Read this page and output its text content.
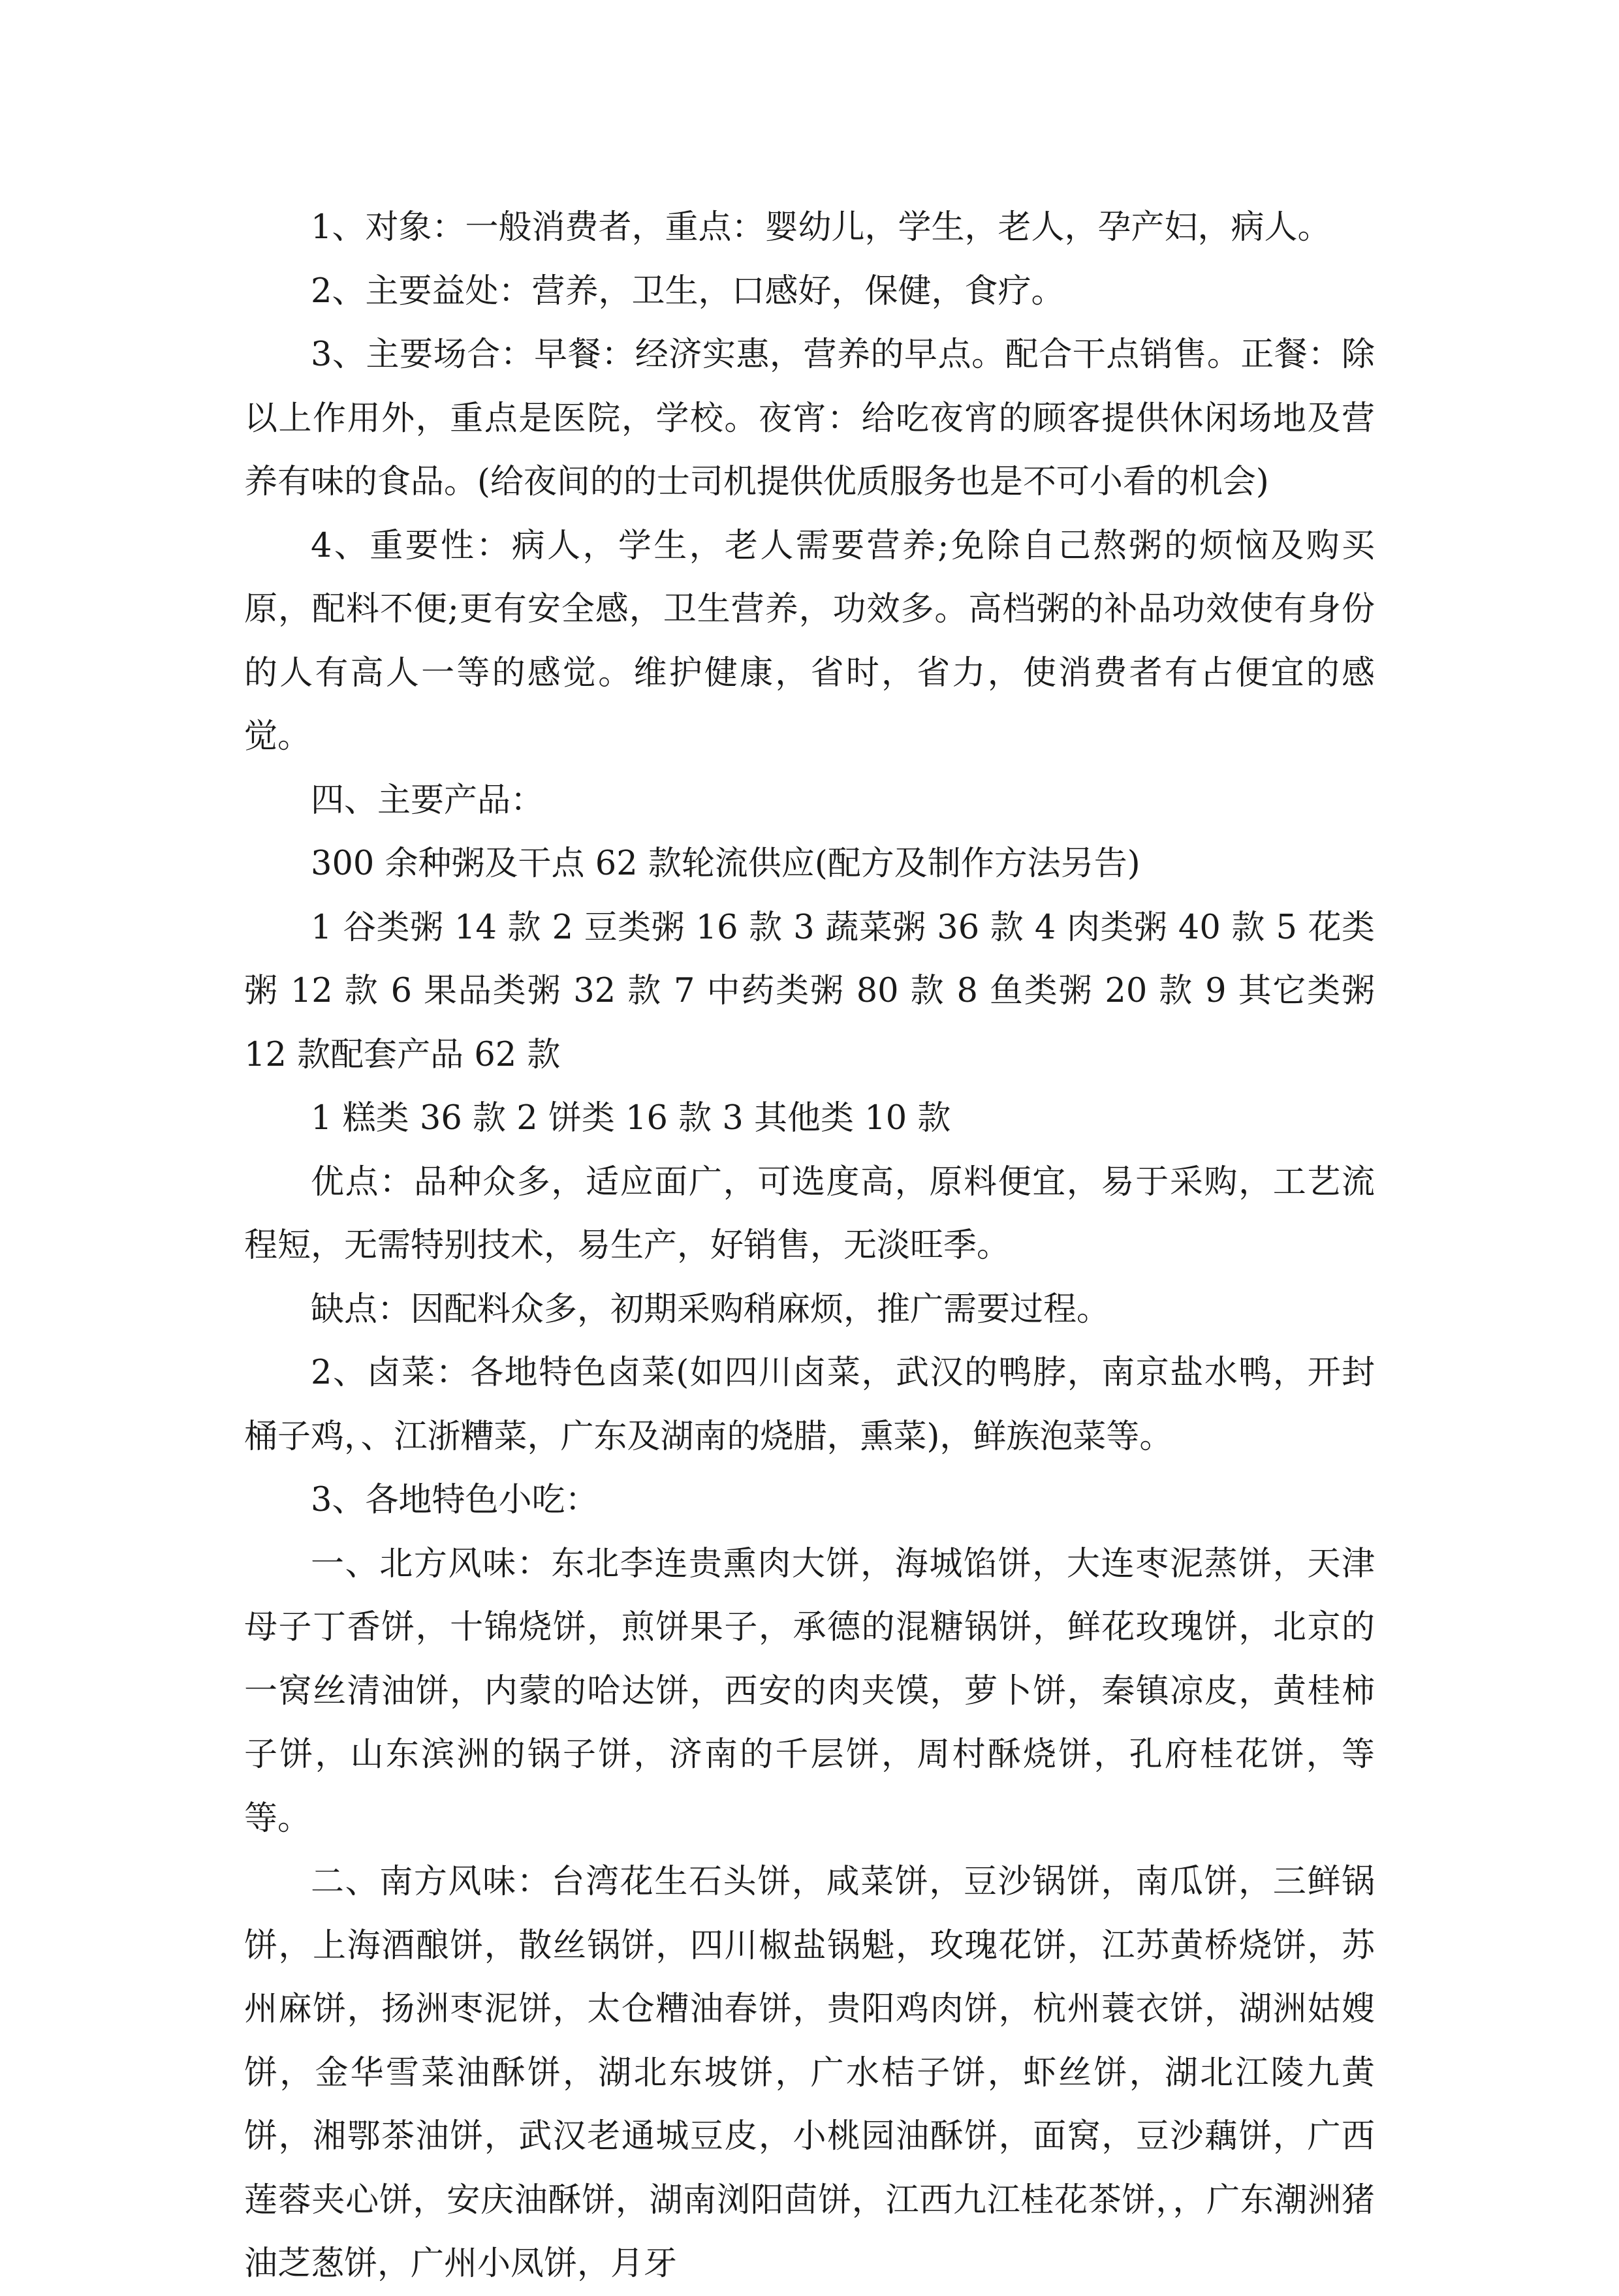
1、对象：一般消费者，重点：婴幼儿，学生，老人，孕产妇，病人。

2、主要益处：营养，卫生，口感好，保健，食疗。

3、主要场合：早餐：经济实惠，营养的早点。配合干点销售。正餐：除以上作用外，重点是医院，学校。夜宵：给吃夜宵的顾客提供休闲场地及营养有味的食品。(给夜间的的士司机提供优质服务也是不可小看的机会)

4、重要性：病人，学生，老人需要营养;免除自己熬粥的烦恼及购买原，配料不便;更有安全感，卫生营养，功效多。高档粥的补品功效使有身份的人有高人一等的感觉。维护健康，省时，省力，使消费者有占便宜的感觉。

四、主要产品：

300 余种粥及干点 62 款轮流供应(配方及制作方法另告)

1 谷类粥 14 款 2 豆类粥 16 款 3 蔬菜粥 36 款 4 肉类粥 40 款 5 花类粥 12 款 6 果品类粥 32 款 7 中药类粥 80 款 8 鱼类粥 20 款 9 其它类粥 12 款配套产品 62 款

1 糕类 36 款 2 饼类 16 款 3 其他类 10 款

优点：品种众多，适应面广，可选度高，原料便宜，易于采购，工艺流程短，无需特别技术，易生产，好销售，无淡旺季。

缺点：因配料众多，初期采购稍麻烦，推广需要过程。

2、卤菜：各地特色卤菜(如四川卤菜，武汉的鸭脖，南京盐水鸭，开封桶子鸡，、江浙糟菜，广东及湖南的烧腊，熏菜)，鲜族泡菜等。

3、各地特色小吃：

一、北方风味：东北李连贵熏肉大饼，海城馅饼，大连枣泥蒸饼，天津母子丁香饼，十锦烧饼，煎饼果子，承德的混糖锅饼，鲜花玫瑰饼，北京的一窝丝清油饼，内蒙的哈达饼，西安的肉夹馍，萝卜饼，秦镇凉皮，黄桂柿子饼，山东滨洲的锅子饼，济南的千层饼，周村酥烧饼，孔府桂花饼，等等。

二、南方风味：台湾花生石头饼，咸菜饼，豆沙锅饼，南瓜饼，三鲜锅饼，上海酒酿饼，散丝锅饼，四川椒盐锅魁，玫瑰花饼，江苏黄桥烧饼，苏州麻饼，扬洲枣泥饼，太仓糟油春饼，贵阳鸡肉饼，杭州蓑衣饼，湖洲姑嫂饼，金华雪菜油酥饼，湖北东坡饼，广水桔子饼，虾丝饼，湖北江陵九黄饼，湘鄂茶油饼，武汉老通城豆皮，小桃园油酥饼，面窝，豆沙藕饼，广西莲蓉夹心饼，安庆油酥饼，湖南浏阳茴饼，江西九江桂花茶饼，，广东潮洲猪油芝葱饼，广州小凤饼，月牙
